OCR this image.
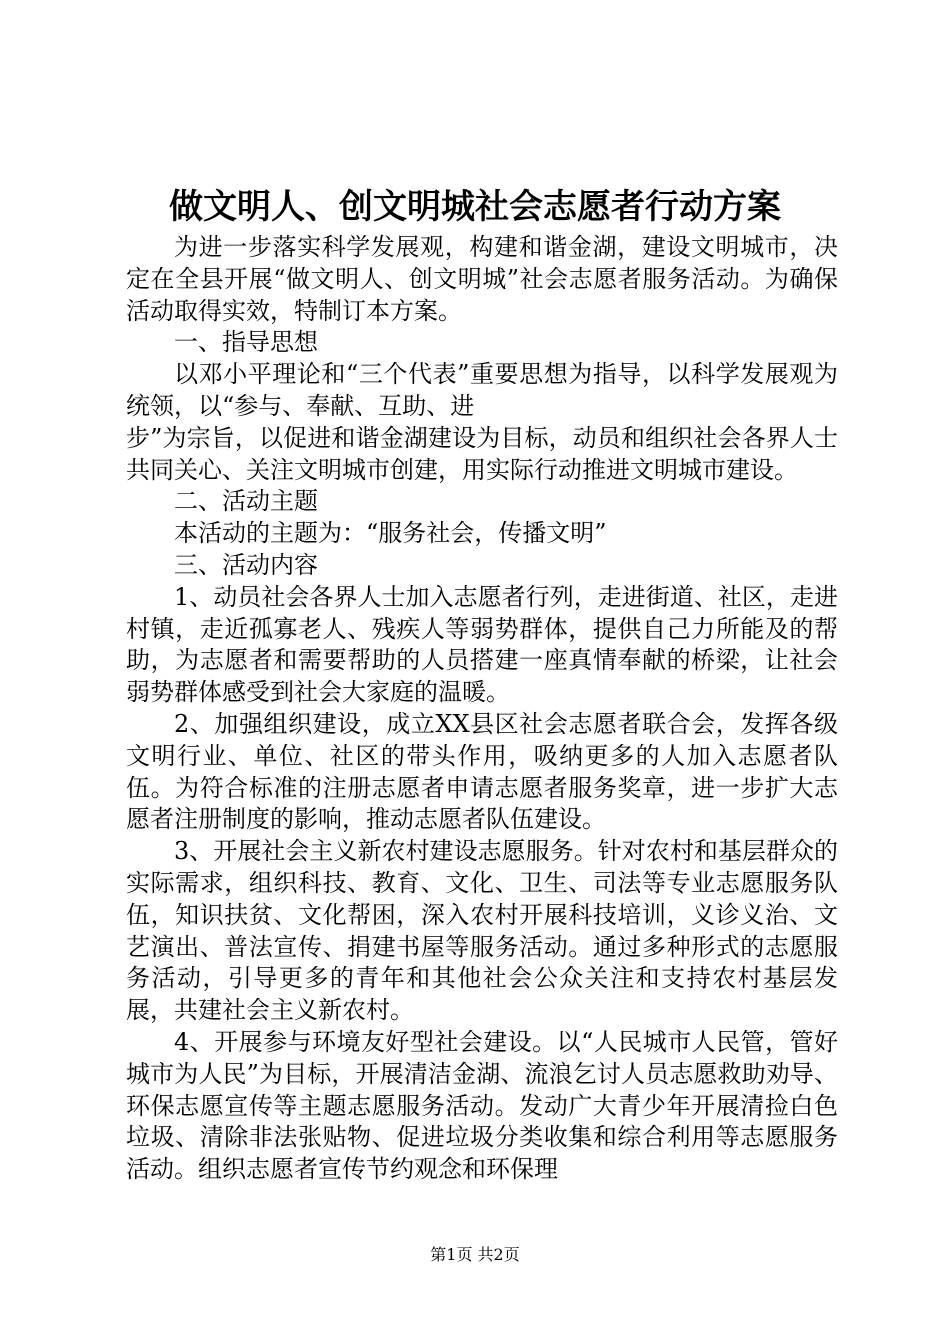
做文明人、创文明城社会志愿者行动方案

为进一步落实科学发展观，构建和谐金湖，建设文明城市，决定在全县开展“做文明人、创文明城”社会志愿者服务活动。为确保活动取得实效，特制订本方案。

一、指导思想

以邓小平理论和“三个代表”重要思想为指导，以科学发展观为统领，以“参与、奉献、互助、进

步”为宗旨，以促进和谐金湖建设为目标，动员和组织社会各界人士共同关心、关注文明城市创建，用实际行动推进文明城市建设。

二、活动主题

本活动的主题为：“服务社会，传播文明”

三、活动内容

1、动员社会各界人士加入志愿者行列，走进街道、社区，走进村镇，走近孤寡老人、残疾人等弱势群体，提供自己力所能及的帮助，为志愿者和需要帮助的人员搭建一座真情奉献的桥梁，让社会弱势群体感受到社会大家庭的温暖。

2、加强组织建设，成立XX县区社会志愿者联合会，发挥各级文明行业、单位、社区的带头作用，吸纳更多的人加入志愿者队伍。为符合标准的注册志愿者申请志愿者服务奖章，进一步扩大志愿者注册制度的影响，推动志愿者队伍建设。

3、开展社会主义新农村建设志愿服务。针对农村和基层群众的实际需求，组织科技、教育、文化、卫生、司法等专业志愿服务队伍，知识扶贫、文化帮困，深入农村开展科技培训，义诊义治、文艺演出、普法宣传、捐建书屋等服务活动。通过多种形式的志愿服务活动，引导更多的青年和其他社会公众关注和支持农村基层发展，共建社会主义新农村。

4、开展参与环境友好型社会建设。以“人民城市人民管，管好城市为人民”为目标，开展清洁金湖、流浪乞讨人员志愿救助劝导、环保志愿宣传等主题志愿服务活动。发动广大青少年开展清捡白色垃圾、清除非法张贴物、促进垃圾分类收集和综合利用等志愿服务活动。组织志愿者宣传节约观念和环保理

第1页 共2页
